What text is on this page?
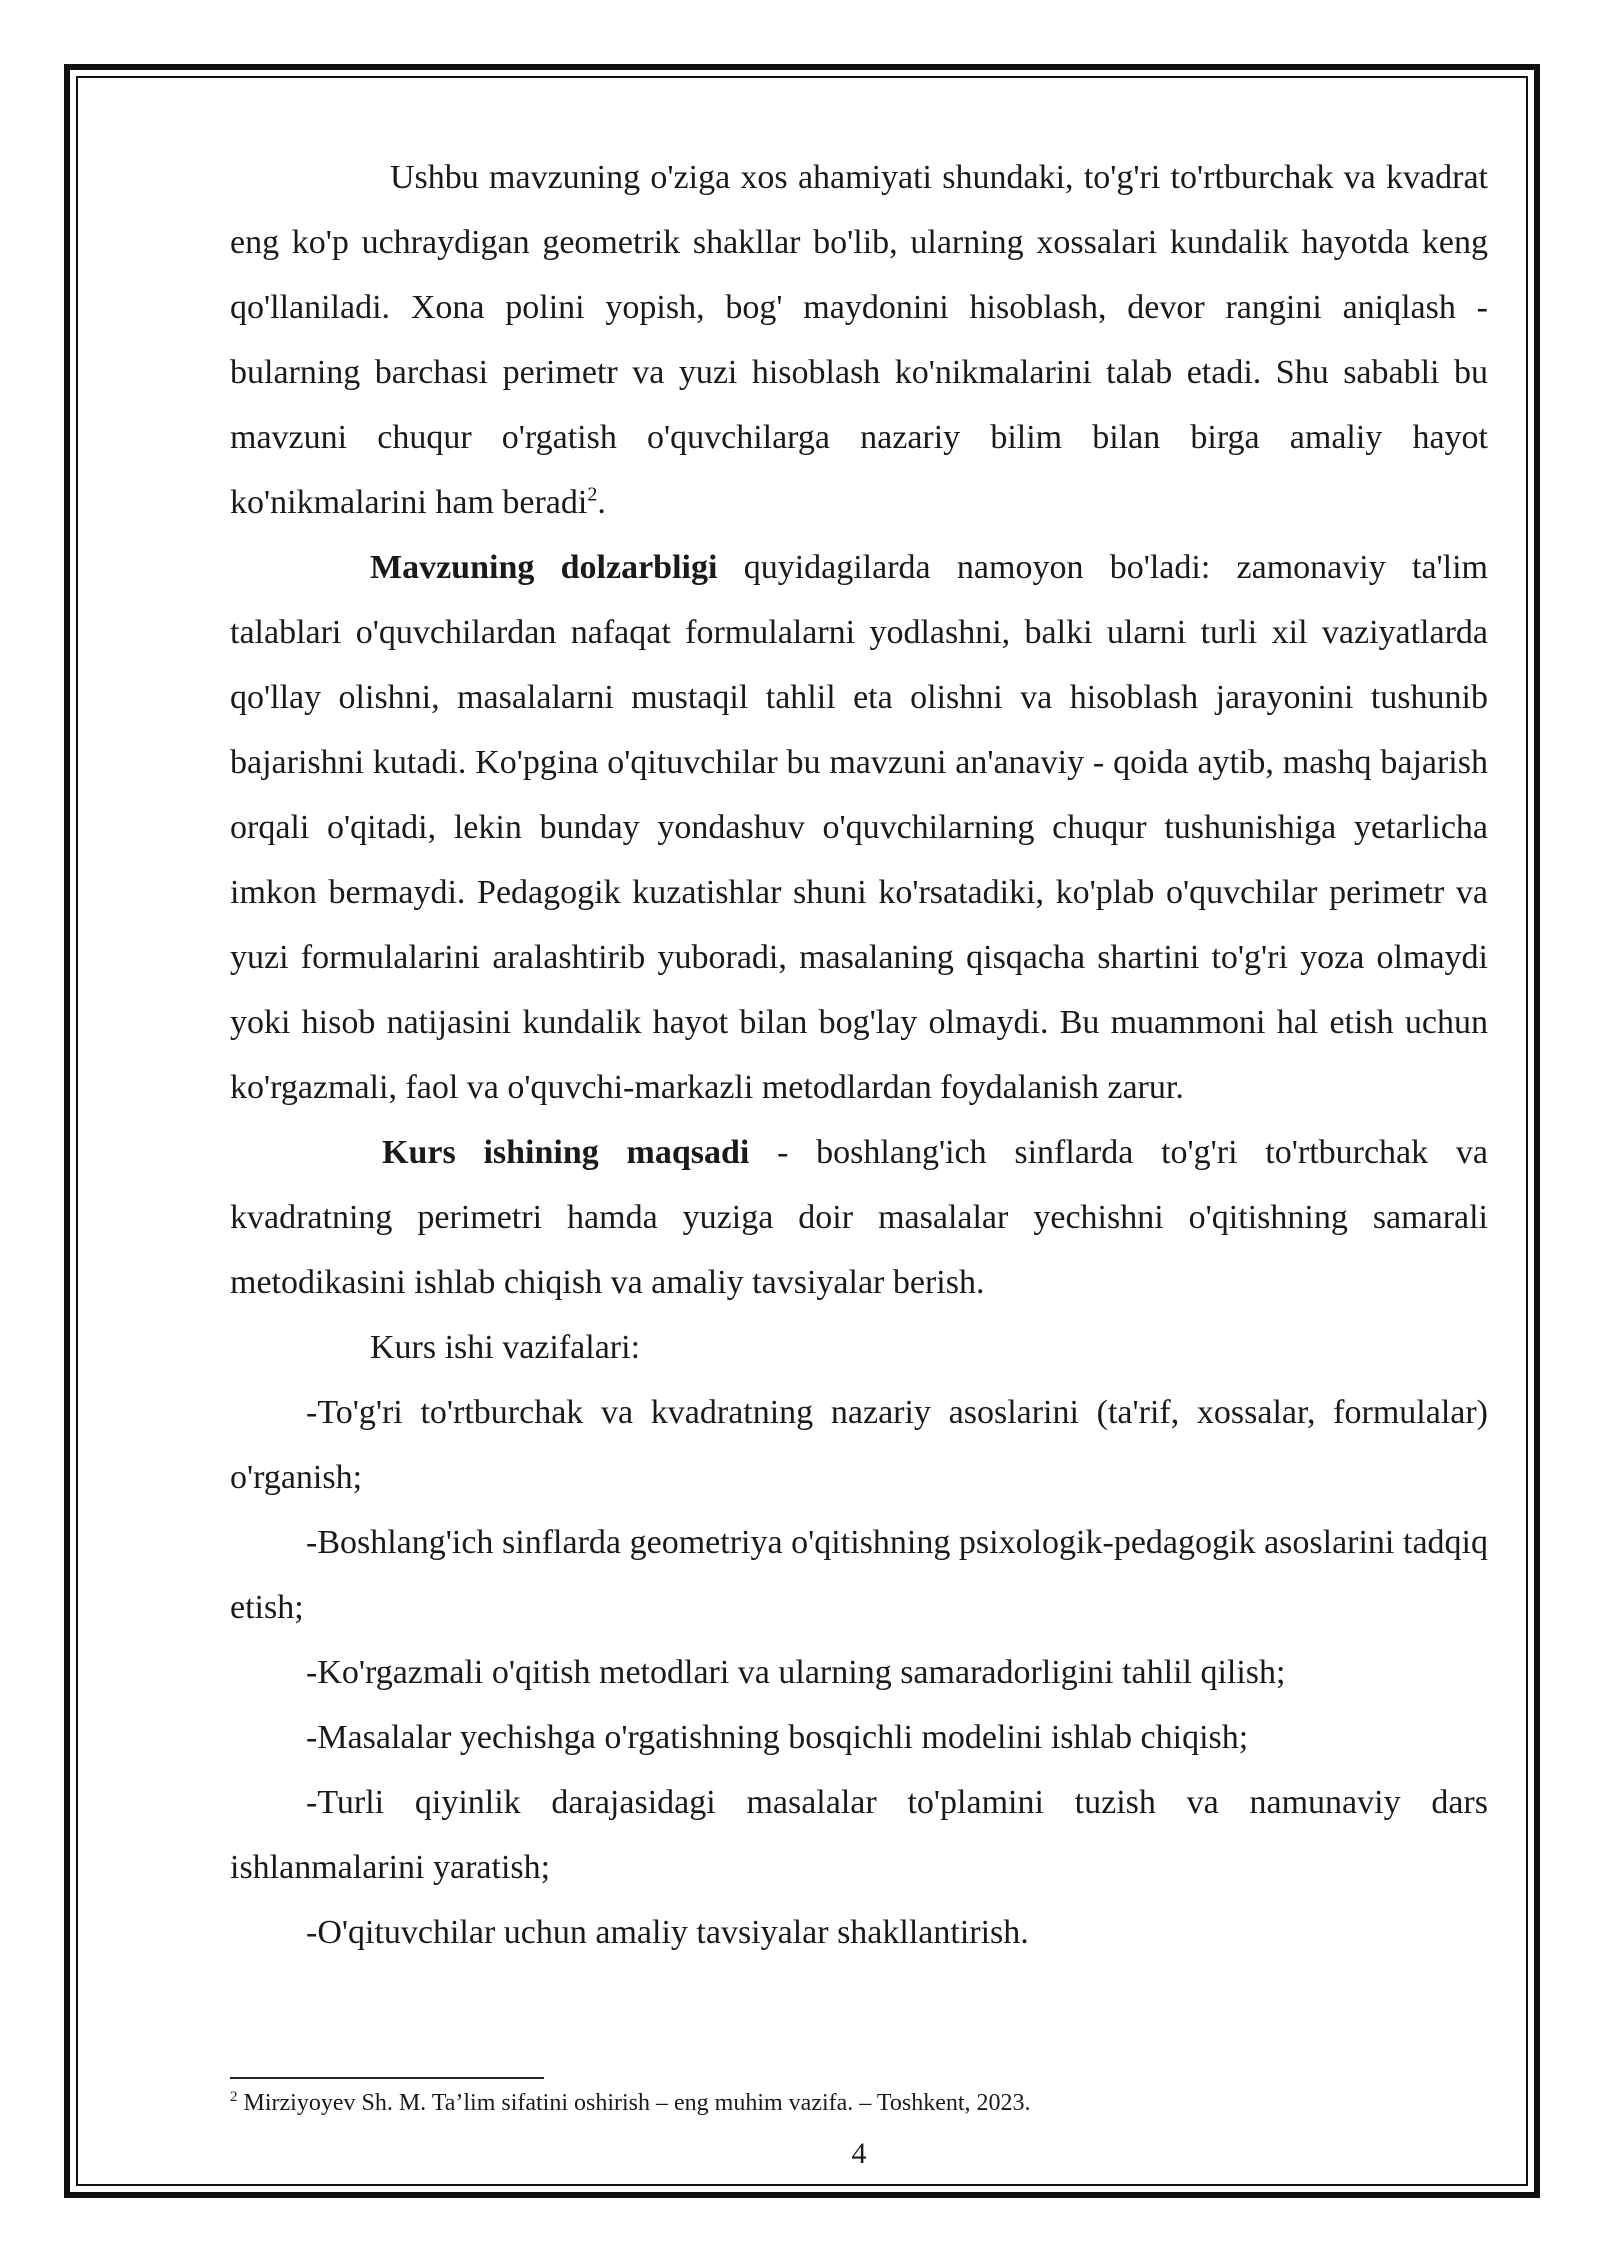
Ushbu mavzuning o'ziga xos ahamiyati shundaki, to'g'ri to'rtburchak va kvadrat eng ko'p uchraydigan geometrik shakllar bo'lib, ularning xossalari kundalik hayotda keng qo'llaniladi. Xona polini yopish, bog' maydonini hisoblash, devor rangini aniqlash - bularning barchasi perimetr va yuzi hisoblash ko'nikmalarini talab etadi. Shu sababli bu mavzuni chuqur o'rgatish o'quvchilarga nazariy bilim bilan birga amaliy hayot ko'nikmalarini ham beradi$^2$.

Mavzuning dolzarbligi quyidagilarda namoyon bo'ladi: zamonaviy ta'lim talablari o'quvchilardan nafaqat formulalarni yodlashni, balki ularni turli xil vaziyatlarda qo'llay olishni, masalalarni mustaqil tahlil eta olishni va hisoblash jarayonini tushunib bajarishni kutadi. Ko'pgina o'qituvchilar bu mavzuni an'anaviy - qoida aytib, mashq bajarish orqali o'qitadi, lekin bunday yondashuv o'quvchilarning chuqur tushunishiga yetarlicha imkon bermaydi. Pedagogik kuzatishlar shuni ko'rsatadiki, ko'plab o'quvchilar perimetr va yuzi formulalarini aralashtirib yuboradi, masalaning qisqacha shartini to'g'ri yoza olmaydi yoki hisob natijasini kundalik hayot bilan bog'lay olmaydi. Bu muammoni hal etish uchun ko'rgazmali, faol va o'quvchi-markazli metodlardan foydalanish zarur.

Kurs ishining maqsadi - boshlang'ich sinflarda to'g'ri to'rtburchak va kvadratning perimetri hamda yuziga doir masalalar yechishni o'qitishning samarali metodikasini ishlab chiqish va amaliy tavsiyalar berish.

Kurs ishi vazifalari:

-To'g'ri to'rtburchak va kvadratning nazariy asoslarini (ta'rif, xossalar, formulalar) o'rganish;

-Boshlang'ich sinflarda geometriya o'qitishning psixologik-pedagogik asoslarini tadqiq etish;

-Ko'rgazmali o'qitish metodlari va ularning samaradorligini tahlil qilish;

-Masalalar yechishga o'rgatishning bosqichli modelini ishlab chiqish;

-Turli qiyinlik darajasidagi masalalar to'plamini tuzish va namunaviy dars ishlanmalarini yaratish;

-O'qituvchilar uchun amaliy tavsiyalar shakllantirish.

$^2$ Mirziyoyev Sh. M. Ta’lim sifatini oshirish – eng muhim vazifa. – Toshkent, 2023.
4
